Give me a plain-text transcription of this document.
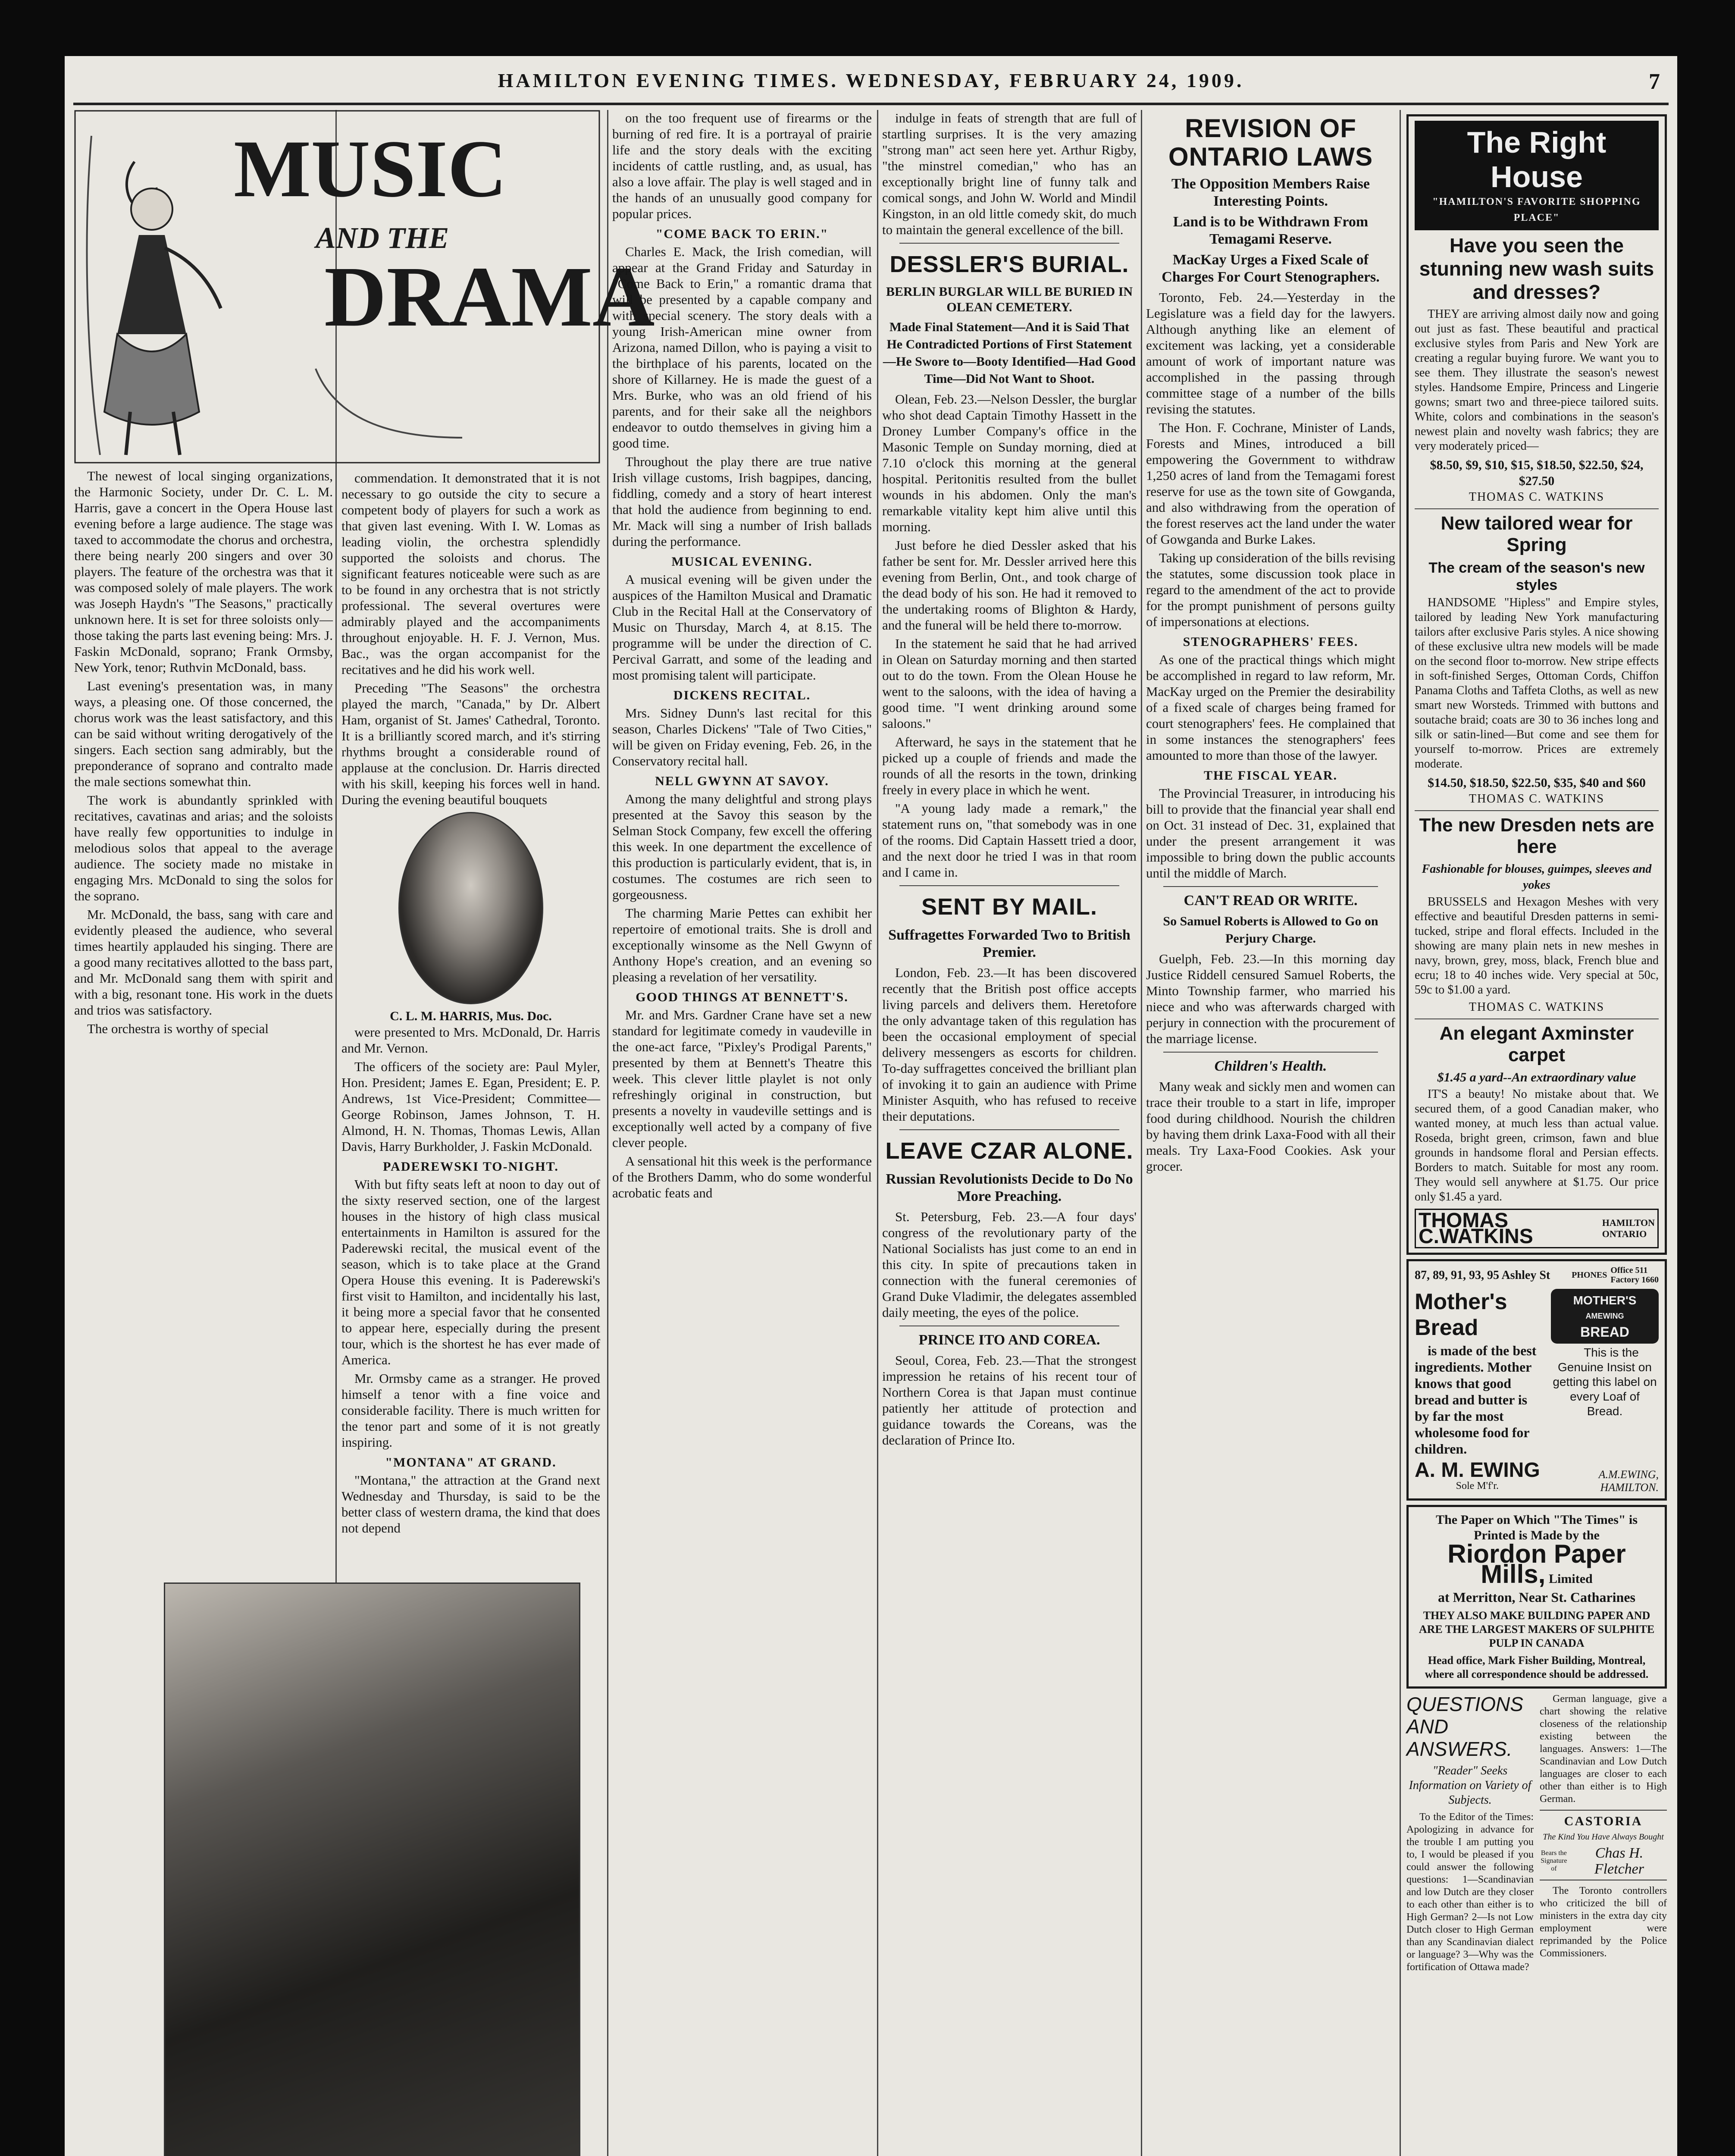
HAMILTON EVENING TIMES. WEDNESDAY, FEBRUARY 24, 1909.	7
MUSIC
AND THE
DRAMA

The newest of local singing organizations, the Harmonic Society, under Dr. C. L. M. Harris, gave a concert in the Opera House last evening before a large audience. The stage was taxed to accommodate the chorus and orchestra, there being nearly 200 singers and over 30 players. The feature of the orchestra was that it was composed solely of male players. The work was Joseph Haydn's "The Seasons," practically unknown here. It is set for three soloists only—those taking the parts last evening being: Mrs. J. Faskin McDonald, soprano; Frank Ormsby, New York, tenor; Ruthvin McDonald, bass.

Last evening's presentation was, in many ways, a pleasing one. Of those concerned, the chorus work was the least satisfactory, and this can be said without writing derogatively of the singers. Each section sang admirably, but the preponderance of soprano and contralto made the male sections somewhat thin.

The work is abundantly sprinkled with recitatives, cavatinas and arias; and the soloists have really few opportunities to indulge in melodious solos that appeal to the average audience. The society made no mistake in engaging Mrs. McDonald to sing the solos for the soprano.

Mr. McDonald, the bass, sang with care and evidently pleased the audience, who several times heartily applauded his singing. There are a good many recitatives allotted to the bass part, and Mr. McDonald sang them with spirit and with a big, resonant tone. His work in the duets and trios was satisfactory.

The orchestra is worthy of special

commendation. It demonstrated that it is not necessary to go outside the city to secure a competent body of players for such a work as that given last evening. With I. W. Lomas as leading violin, the orchestra splendidly supported the soloists and chorus. The significant features noticeable were such as are to be found in any orchestra that is not strictly professional. The several overtures were admirably played and the accompaniments throughout enjoyable. H. F. J. Vernon, Mus. Bac., was the organ accompanist for the recitatives and he did his work well.

Preceding "The Seasons" the orchestra played the march, "Canada," by Dr. Albert Ham, organist of St. James' Cathedral, Toronto. It is a brilliantly scored march, and it's stirring rhythms brought a considerable round of applause at the conclusion. Dr. Harris directed with his skill, keeping his forces well in hand. During the evening beautiful bouquets

C. L. M. HARRIS, Mus. Doc.

were presented to Mrs. McDonald, Dr. Harris and Mr. Vernon.

The officers of the society are: Paul Myler, Hon. President; James E. Egan, President; E. P. Andrews, 1st Vice-President; Committee—George Robinson, James Johnson, T. H. Almond, H. N. Thomas, Thomas Lewis, Allan Davis, Harry Burkholder, J. Faskin McDonald.

PADEREWSKI TO-NIGHT.

With but fifty seats left at noon to day out of the sixty reserved section, one of the largest houses in the history of high class musical entertainments in Hamilton is assured for the Paderewski recital, the musical event of the season, which is to take place at the Grand Opera House this evening. It is Paderewski's first visit to Hamilton, and incidentally his last, it being more a special favor that he consented to appear here, especially during the present tour, which is the shortest he has ever made of America.

Mr. Ormsby came as a stranger. He proved himself a tenor with a fine voice and considerable facility. There is much written for the tenor part and some of it is not greatly inspiring.

"MONTANA" AT GRAND.

"Montana," the attraction at the Grand next Wednesday and Thursday, is said to be the better class of western drama, the kind that does not depend

on the too frequent use of firearms or the burning of red fire. It is a portrayal of prairie life and the story deals with the exciting incidents of cattle rustling, and, as usual, has also a love affair. The play is well staged and in the hands of an unusually good company for popular prices.

"COME BACK TO ERIN."

Charles E. Mack, the Irish comedian, will appear at the Grand Friday and Saturday in "Come Back to Erin," a romantic drama that will be presented by a capable company and with special scenery. The story deals with a young Irish-American mine owner from Arizona, named Dillon, who is paying a visit to the birthplace of his parents, located on the shore of Killarney. He is made the guest of a Mrs. Burke, who was an old friend of his parents, and for their sake all the neighbors endeavor to outdo themselves in giving him a good time.

Throughout the play there are true native Irish village customs, Irish bagpipes, dancing, fiddling, comedy and a story of heart interest that hold the audience from beginning to end. Mr. Mack will sing a number of Irish ballads during the performance.

MUSICAL EVENING.

A musical evening will be given under the auspices of the Hamilton Musical and Dramatic Club in the Recital Hall at the Conservatory of Music on Thursday, March 4, at 8.15. The programme will be under the direction of C. Percival Garratt, and some of the leading and most promising talent will participate.

DICKENS RECITAL.

Mrs. Sidney Dunn's last recital for this season, Charles Dickens' "Tale of Two Cities," will be given on Friday evening, Feb. 26, in the Conservatory recital hall.

NELL GWYNN AT SAVOY.

Among the many delightful and strong plays presented at the Savoy this season by the Selman Stock Company, few excell the offering this week. In one department the excellence of this production is particularly evident, that is, in costumes. The costumes are rich seen to gorgeousness.

The charming Marie Pettes can exhibit her repertoire of emotional traits. She is droll and exceptionally winsome as the Nell Gwynn of Anthony Hope's creation, and an evening so pleasing a revelation of her versatility.

GOOD THINGS AT BENNETT'S.

Mr. and Mrs. Gardner Crane have set a new standard for legitimate comedy in vaudeville in the one-act farce, "Pixley's Prodigal Parents," presented by them at Bennett's Theatre this week. This clever little playlet is not only refreshingly original in construction, but presents a novelty in vaudeville settings and is exceptionally well acted by a company of five clever people.

A sensational hit this week is the performance of the Brothers Damm, who do some wonderful acrobatic feats and

indulge in feats of strength that are full of startling surprises. It is the very amazing "strong man" act seen here yet. Arthur Rigby, "the minstrel comedian," who has an exceptionally bright line of funny talk and comical songs, and John W. World and Mindil Kingston, in an old little comedy skit, do much to maintain the general excellence of the bill.

DESSLER'S BURIAL.
BERLIN BURGLAR WILL BE BURIED IN OLEAN CEMETERY.
Made Final Statement—And it is Said That He Contradicted Portions of First Statement—He Swore to—Booty Identified—Had Good Time—Did Not Want to Shoot.

Olean, Feb. 23.—Nelson Dessler, the burglar who shot dead Captain Timothy Hassett in the Droney Lumber Company's office in the Masonic Temple on Sunday morning, died at 7.10 o'clock this morning at the general hospital. Peritonitis resulted from the bullet wounds in his abdomen. Only the man's remarkable vitality kept him alive until this morning.

Just before he died Dessler asked that his father be sent for. Mr. Dessler arrived here this evening from Berlin, Ont., and took charge of the dead body of his son. He had it removed to the undertaking rooms of Blighton & Hardy, and the funeral will be held there to-morrow.

In the statement he said that he had arrived in Olean on Saturday morning and then started out to do the town. From the Olean House he went to the saloons, with the idea of having a good time. "I went drinking around some saloons."

Afterward, he says in the statement that he picked up a couple of friends and made the rounds of all the resorts in the town, drinking freely in every place in which he went.

"A young lady made a remark," the statement runs on, "that somebody was in one of the rooms. Did Captain Hassett tried a door, and the next door he tried I was in that room and I came in.

SENT BY MAIL.
Suffragettes Forwarded Two to British Premier.

London, Feb. 23.—It has been discovered recently that the British post office accepts living parcels and delivers them. Heretofore the only advantage taken of this regulation has been the occasional employment of special delivery messengers as escorts for children. To-day suffragettes conceived the brilliant plan of invoking it to gain an audience with Prime Minister Asquith, who has refused to receive their deputations.

LEAVE CZAR ALONE.
Russian Revolutionists Decide to Do No More Preaching.

St. Petersburg, Feb. 23.—A four days' congress of the revolutionary party of the National Socialists has just come to an end in this city. In spite of precautions taken in connection with the funeral ceremonies of Grand Duke Vladimir, the delegates assembled daily meeting, the eyes of the police.

PRINCE ITO AND COREA.

Seoul, Corea, Feb. 23.—That the strongest impression he retains of his recent tour of Northern Corea is that Japan must continue patiently her attitude of protection and guidance towards the Coreans, was the declaration of Prince Ito.

REVISION OF ONTARIO LAWS
The Opposition Members Raise Interesting Points.
Land is to be Withdrawn From Temagami Reserve.
MacKay Urges a Fixed Scale of Charges For Court Stenographers.

Toronto, Feb. 24.—Yesterday in the Legislature was a field day for the lawyers. Although anything like an element of excitement was lacking, yet a considerable amount of work of important nature was accomplished in the passing through committee stage of a number of the bills revising the statutes.

The Hon. F. Cochrane, Minister of Lands, Forests and Mines, introduced a bill empowering the Government to withdraw 1,250 acres of land from the Temagami forest reserve for use as the town site of Gowganda, and also withdrawing from the operation of the forest reserves act the land under the water of Gowganda and Burke Lakes.

Taking up consideration of the bills revising the statutes, some discussion took place in regard to the amendment of the act to provide for the prompt punishment of persons guilty of impersonations at elections.

STENOGRAPHERS' FEES.

As one of the practical things which might be accomplished in regard to law reform, Mr. MacKay urged on the Premier the desirability of a fixed scale of charges being framed for court stenographers' fees. He complained that in some instances the stenographers' fees amounted to more than those of the lawyer.

THE FISCAL YEAR.

The Provincial Treasurer, in introducing his bill to provide that the financial year shall end on Oct. 31 instead of Dec. 31, explained that under the present arrangement it was impossible to bring down the public accounts until the middle of March.

CAN'T READ OR WRITE.
So Samuel Roberts is Allowed to Go on Perjury Charge.

Guelph, Feb. 23.—In this morning day Justice Riddell censured Samuel Roberts, the Minto Township farmer, who married his niece and who was afterwards charged with perjury in connection with the procurement of the marriage license.

Children's Health.

Many weak and sickly men and women can trace their trouble to a start in life, improper food during childhood. Nourish the children by having them drink Laxa-Food with all their meals. Try Laxa-Food Cookies. Ask your grocer.

The Right House
"HAMILTON'S FAVORITE SHOPPING PLACE"
Have you seen the stunning new wash suits and dresses?

THEY are arriving almost daily now and going out just as fast. These beautiful and practical exclusive styles from Paris and New York are creating a regular buying furore. We want you to see them. They illustrate the season's newest styles. Handsome Empire, Princess and Lingerie gowns; smart two and three-piece tailored suits. White, colors and combinations in the season's newest plain and novelty wash fabrics; they are very moderately priced—

$8.50, $9, $10, $15, $18.50, $22.50, $24, $27.50
THOMAS C. WATKINS
New tailored wear for Spring
The cream of the season's new styles

HANDSOME "Hipless" and Empire styles, tailored by leading New York manufacturing tailors after exclusive Paris styles. A nice showing of these exclusive ultra new models will be made on the second floor to-morrow. New stripe effects in soft-finished Serges, Ottoman Cords, Chiffon Panama Cloths and Taffeta Cloths, as well as new smart new Worsteds. Trimmed with buttons and soutache braid; coats are 30 to 36 inches long and silk or satin-lined—But come and see them for yourself to-morrow. Prices are extremely moderate.

$14.50, $18.50, $22.50, $35, $40 and $60
THOMAS C. WATKINS
The new Dresden nets are here
Fashionable for blouses, guimpes, sleeves and yokes

BRUSSELS and Hexagon Meshes with very effective and beautiful Dresden patterns in semi-tucked, stripe and floral effects. Included in the showing are many plain nets in new meshes in navy, brown, grey, moss, black, French blue and ecru; 18 to 40 inches wide. Very special at 50c, 59c to $1.00 a yard.

THOMAS C. WATKINS
An elegant Axminster carpet
$1.45 a yard--An extraordinary value

IT'S a beauty! No mistake about that. We secured them, of a good Canadian maker, who wanted money, at much less than actual value. Roseda, bright green, crimson, fawn and blue grounds in handsome floral and Persian effects. Borders to match. Suitable for most any room. They would sell anywhere at $1.75. Our price only $1.45 a yard.

THOMAS C.WATKINS
HAMILTON
ONTARIO
87, 89, 91, 93, 95 Ashley St PHONES Office 511
Factory 1660
Mother's Bread

is made of the best ingredients. Mother knows that good bread and butter is by far the most wholesome food for children.

MOTHER'S
AMEWING
BREAD

This is the Genuine Insist on getting this label on every Loaf of Bread.

A. M. EWING
Sole M'f'r.
A.M.EWING,
HAMILTON.
The Paper on Which "The Times" is Printed is Made by the
Riordon Paper Mills, Limited
at Merritton, Near St. Catharines
THEY ALSO MAKE BUILDING PAPER AND ARE THE LARGEST MAKERS OF SULPHITE PULP IN CANADA
Head office, Mark Fisher Building, Montreal, where all correspondence should be addressed.
QUESTIONS
AND ANSWERS.
"Reader" Seeks Information on Variety of Subjects.

To the Editor of the Times: Apologizing in advance for the trouble I am putting you to, I would be pleased if you could answer the following questions: 1—Scandinavian and low Dutch are they closer to each other than either is to High German? 2—Is not Low Dutch closer to High German than any Scandinavian dialect or language? 3—Why was the fortification of Ottawa made?

German language, give a chart showing the relative closeness of the relationship existing between the languages. Answers: 1—The Scandinavian and Low Dutch languages are closer to each other than either is to High German.

CASTORIA
The Kind You Have Always Bought
Bears the Signature of
Chas H. Fletcher

The Toronto controllers who criticized the bill of ministers in the extra day city employment were reprimanded by the Police Commissioners.
